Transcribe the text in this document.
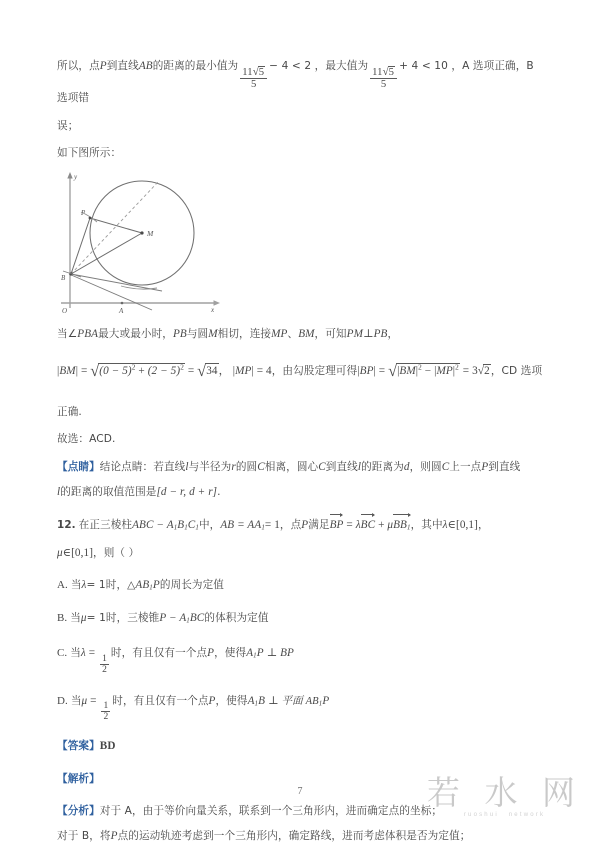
所以，点P到直线AB的距离的最小值为
$\frac{11√5}{5}$
− 4 < 2 ，最大值为
$\frac{11√5}{5}$
+ 4 < 10 ，A 选项正确，B 选项错

误；

如下图所示：

y
x
O	A
B
P
M

当∠PBA最大或最小时，PB与圆M相切，连接MP、BM，可知PM⊥PB，

$|BM| = √(0 - 5)^2 + (2 - 5)^2 = √34$， |MP| = 4，由勾股定理可得$|BP| = √|BM|^2 - |MP|^2 = 3√2$，CD 选项

正确.

故选：ACD.

【点睛】结论点睛：若直线l与半径为r的圆C相离，圆心C到直线l的距离为d，则圆C上一点P到直线

l的距离的取值范围是[d − r, d + r].

12. 在正三棱柱ABC − $A_1B_1C_1$中，AB = $AA_1= 1$，点P满足BP = λBC + μBB$_1$，其中λ∈[0,1]，

μ∈[0,1]，则（ ）

A. 当λ= 1时，$\triangle AB_1P$的周长为定值

B. 当μ= 1时，三棱锥$P - A_1BC$的体积为定值

C. 当λ =
$\frac{1}{2}$
时，有且仅有一个点P，使得$A_1P$ ⊥ BP

D. 当μ =
$\frac{1}{2}$
时，有且仅有一个点P，使得$A_1B$ ⊥ 平面 $AB_1P$

【答案】BD

【解析】

【分析】对于 A，由于等价向量关系，联系到一个三角形内，进而确定点的坐标；

对于 B，将P点的运动轨迹考虑到一个三角形内，确定路线，进而考虑体积是否为定值；

7	若 水 网
ruoshui network
